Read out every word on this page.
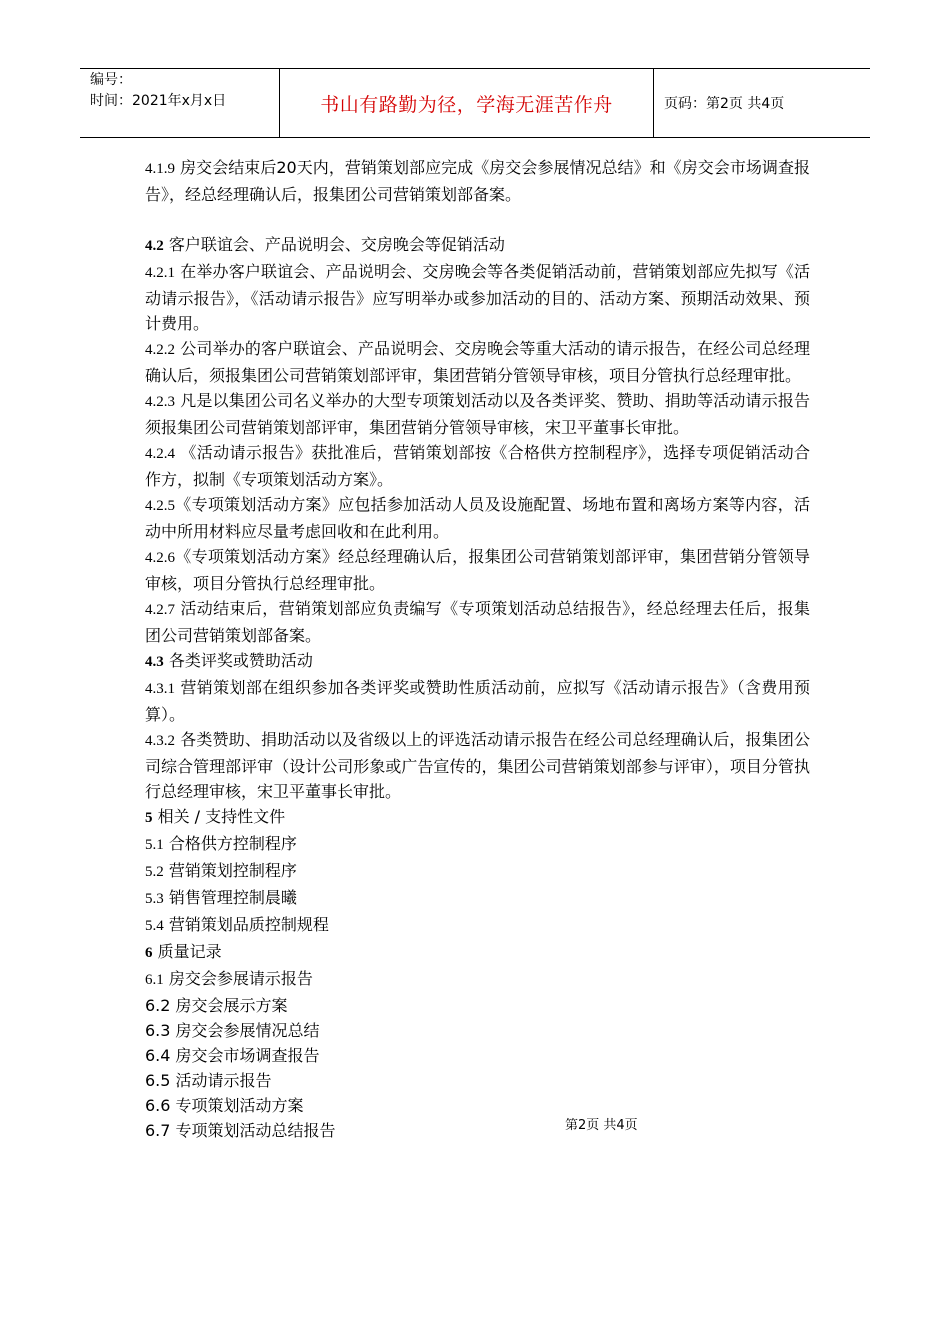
编号：
时间：2021年x月x日	书山有路勤为径，学海无涯苦作舟	页码：第2页 共4页

4.1.9 房交会结束后20天内，营销策划部应完成《房交会参展情况总结》和《房交会市场调查报告》，经总经理确认后，报集团公司营销策划部备案。

4.2 客户联谊会、产品说明会、交房晚会等促销活动

4.2.1 在举办客户联谊会、产品说明会、交房晚会等各类促销活动前，营销策划部应先拟写《活动请示报告》，《活动请示报告》应写明举办或参加活动的目的、活动方案、预期活动效果、预计费用。

4.2.2 公司举办的客户联谊会、产品说明会、交房晚会等重大活动的请示报告，在经公司总经理确认后，须报集团公司营销策划部评审，集团营销分管领导审核，项目分管执行总经理审批。

4.2.3 凡是以集团公司名义举办的大型专项策划活动以及各类评奖、赞助、捐助等活动请示报告须报集团公司营销策划部评审，集团营销分管领导审核，宋卫平董事长审批。

4.2.4 《活动请示报告》获批准后，营销策划部按《合格供方控制程序》，选择专项促销活动合作方，拟制《专项策划活动方案》。

4.2.5《专项策划活动方案》应包括参加活动人员及设施配置、场地布置和离场方案等内容，活动中所用材料应尽量考虑回收和在此利用。

4.2.6《专项策划活动方案》经总经理确认后，报集团公司营销策划部评审，集团营销分管领导审核，项目分管执行总经理审批。

4.2.7 活动结束后，营销策划部应负责编写《专项策划活动总结报告》，经总经理去任后，报集团公司营销策划部备案。

4.3 各类评奖或赞助活动

4.3.1 营销策划部在组织参加各类评奖或赞助性质活动前，应拟写《活动请示报告》（含费用预算）。

4.3.2 各类赞助、捐助活动以及省级以上的评选活动请示报告在经公司总经理确认后，报集团公司综合管理部评审（设计公司形象或广告宣传的，集团公司营销策划部参与评审），项目分管执行总经理审核，宋卫平董事长审批。

5 相关 / 支持性文件

5.1 合格供方控制程序

5.2 营销策划控制程序

5.3 销售管理控制晨曦

5.4 营销策划品质控制规程

6 质量记录

6.1 房交会参展请示报告

6.2 房交会展示方案

6.3 房交会参展情况总结

6.4 房交会市场调查报告

6.5 活动请示报告

6.6 专项策划活动方案

6.7 专项策划活动总结报告	第2页 共4页
